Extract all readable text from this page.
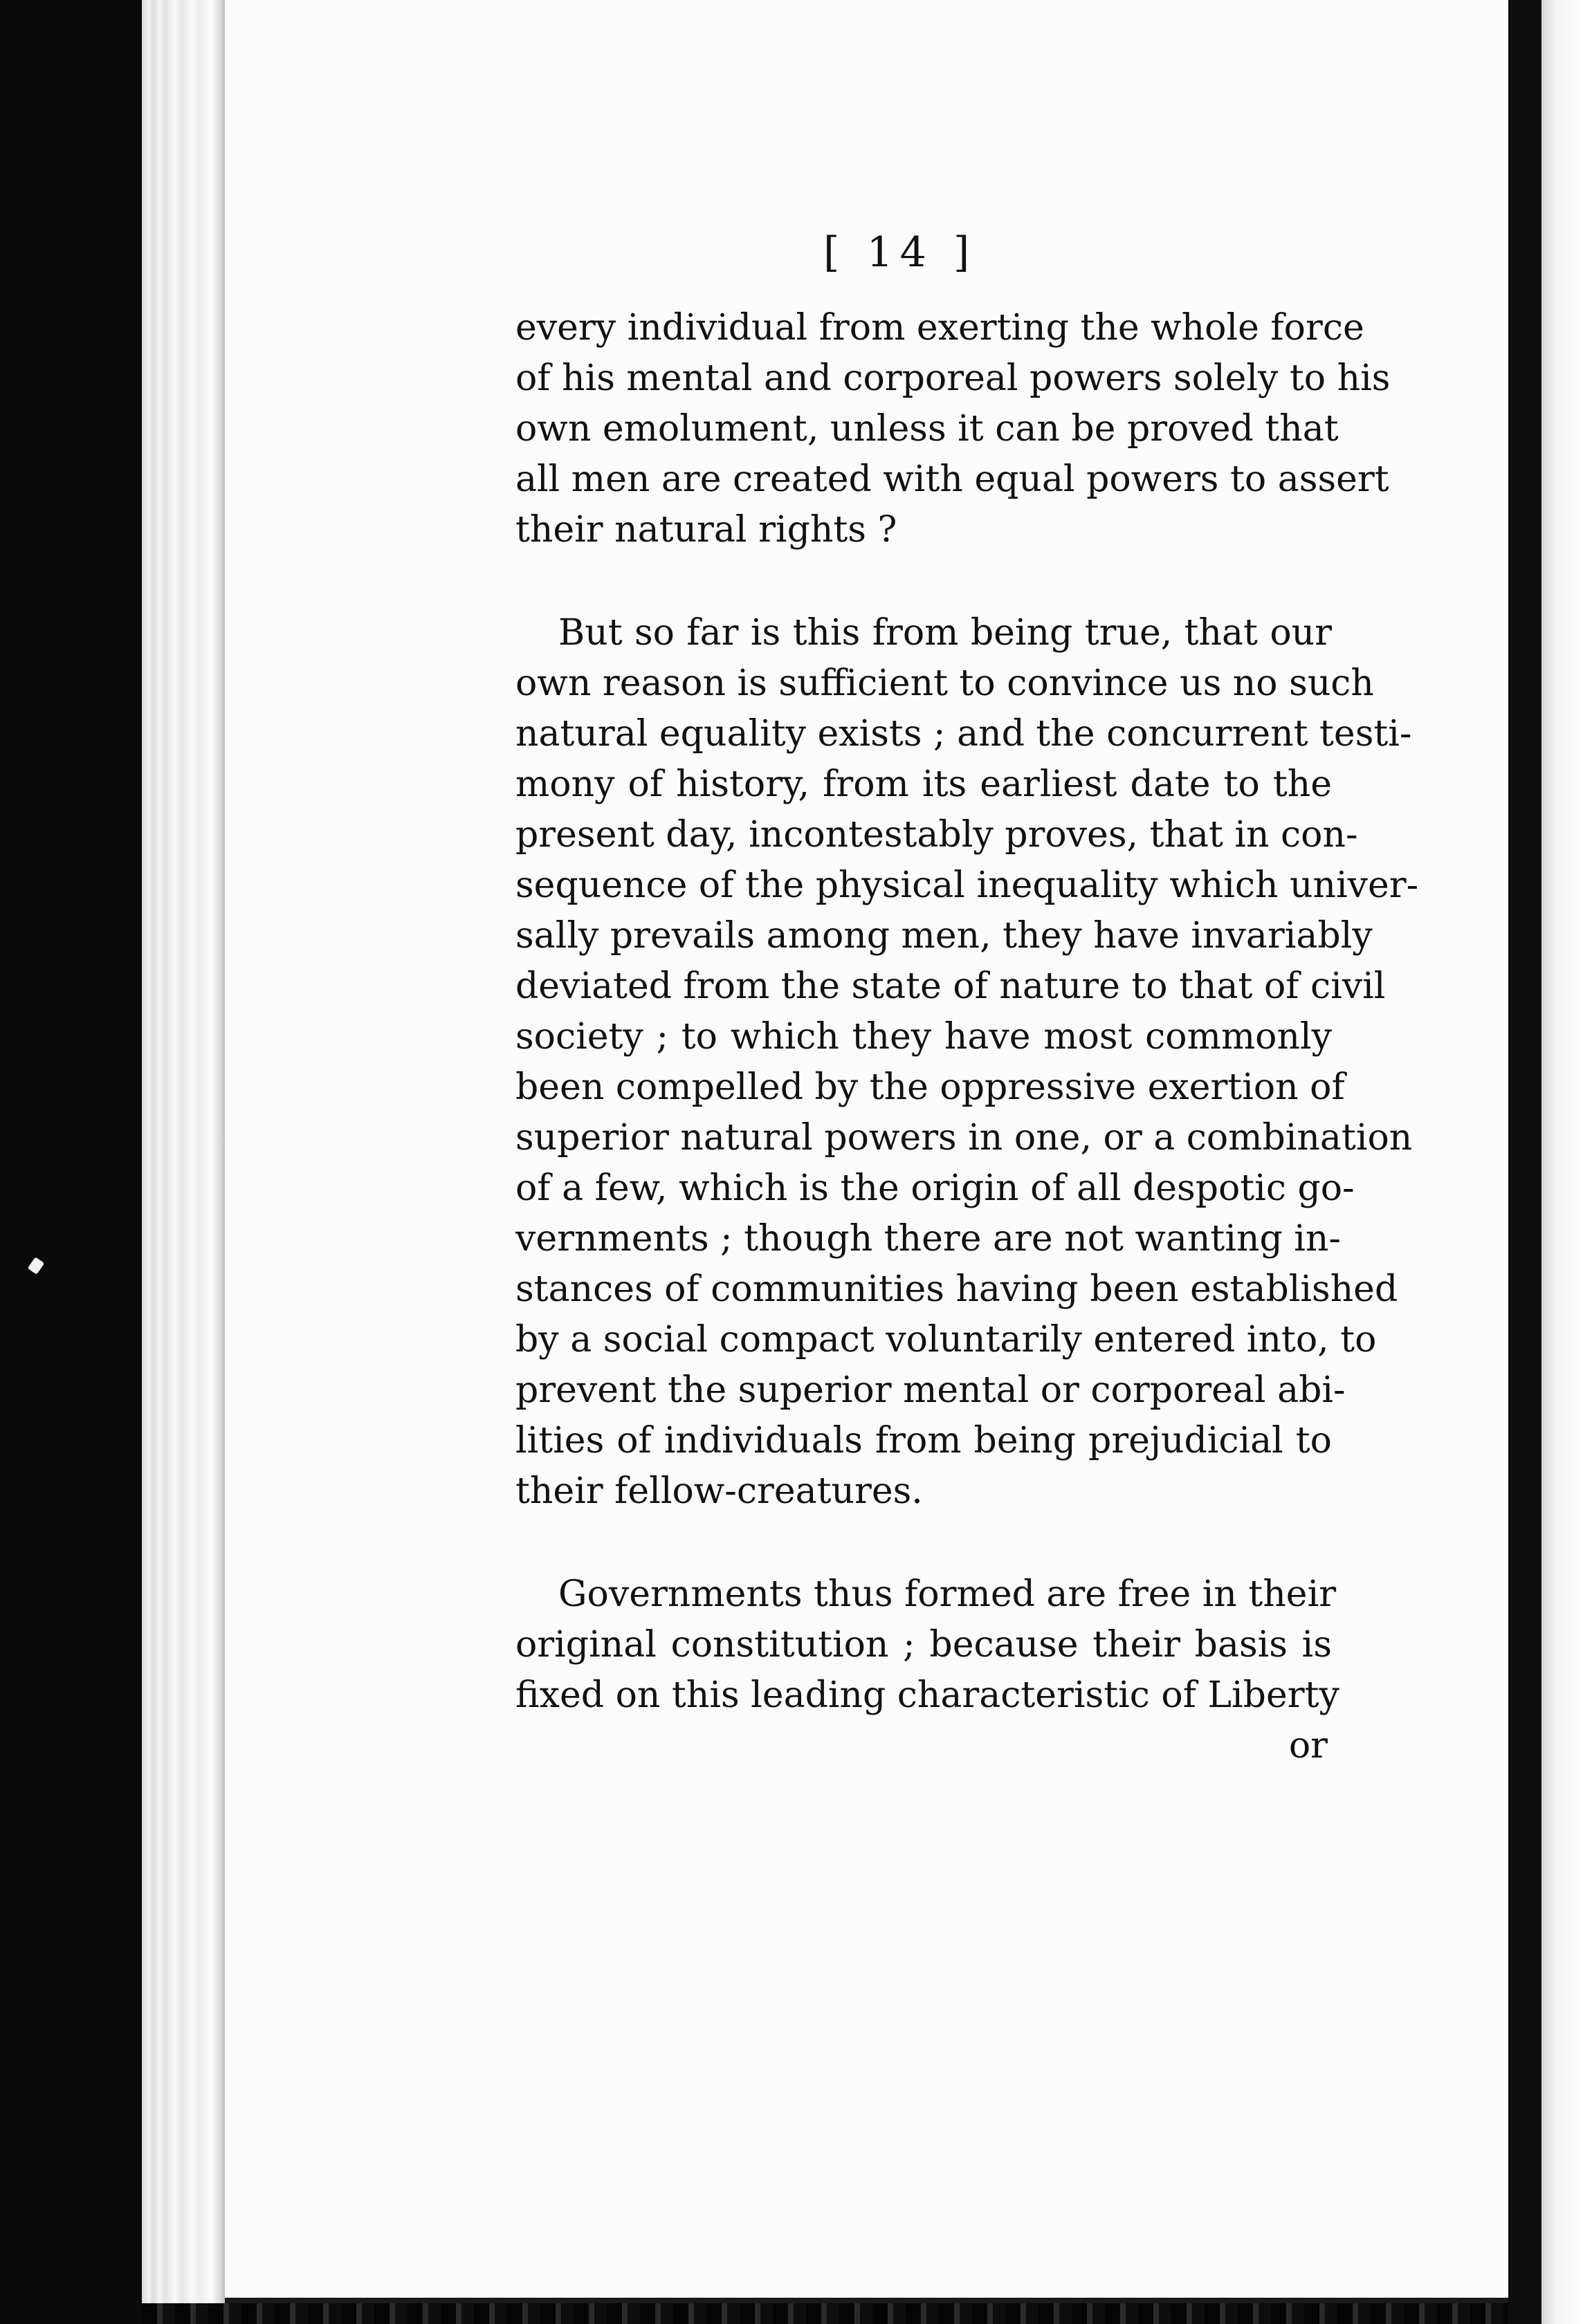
[ 14 ]
every individual from exerting the whole force
of his mental and corporeal powers solely to his
own emolument, unless it can be proved that
all men are created with equal powers to assert
their natural rights ?
But so far is this from being true, that our
own reason is sufficient to convince us no such
natural equality exists ; and the concurrent testi-
mony of history, from its earliest date to the
present day, incontestably proves, that in con-
sequence of the physical inequality which univer-
sally prevails among men, they have invariably
deviated from the state of nature to that of civil
society ; to which they have most commonly
been compelled by the oppressive exertion of
superior natural powers in one, or a combination
of a few, which is the origin of all despotic go-
vernments ; though there are not wanting in-
stances of communities having been established
by a social compact voluntarily entered into, to
prevent the superior mental or corporeal abi-
lities of individuals from being prejudicial to
their fellow-creatures.
Governments thus formed are free in their
original constitution ; because their basis is
fixed on this leading characteristic of Liberty
or
